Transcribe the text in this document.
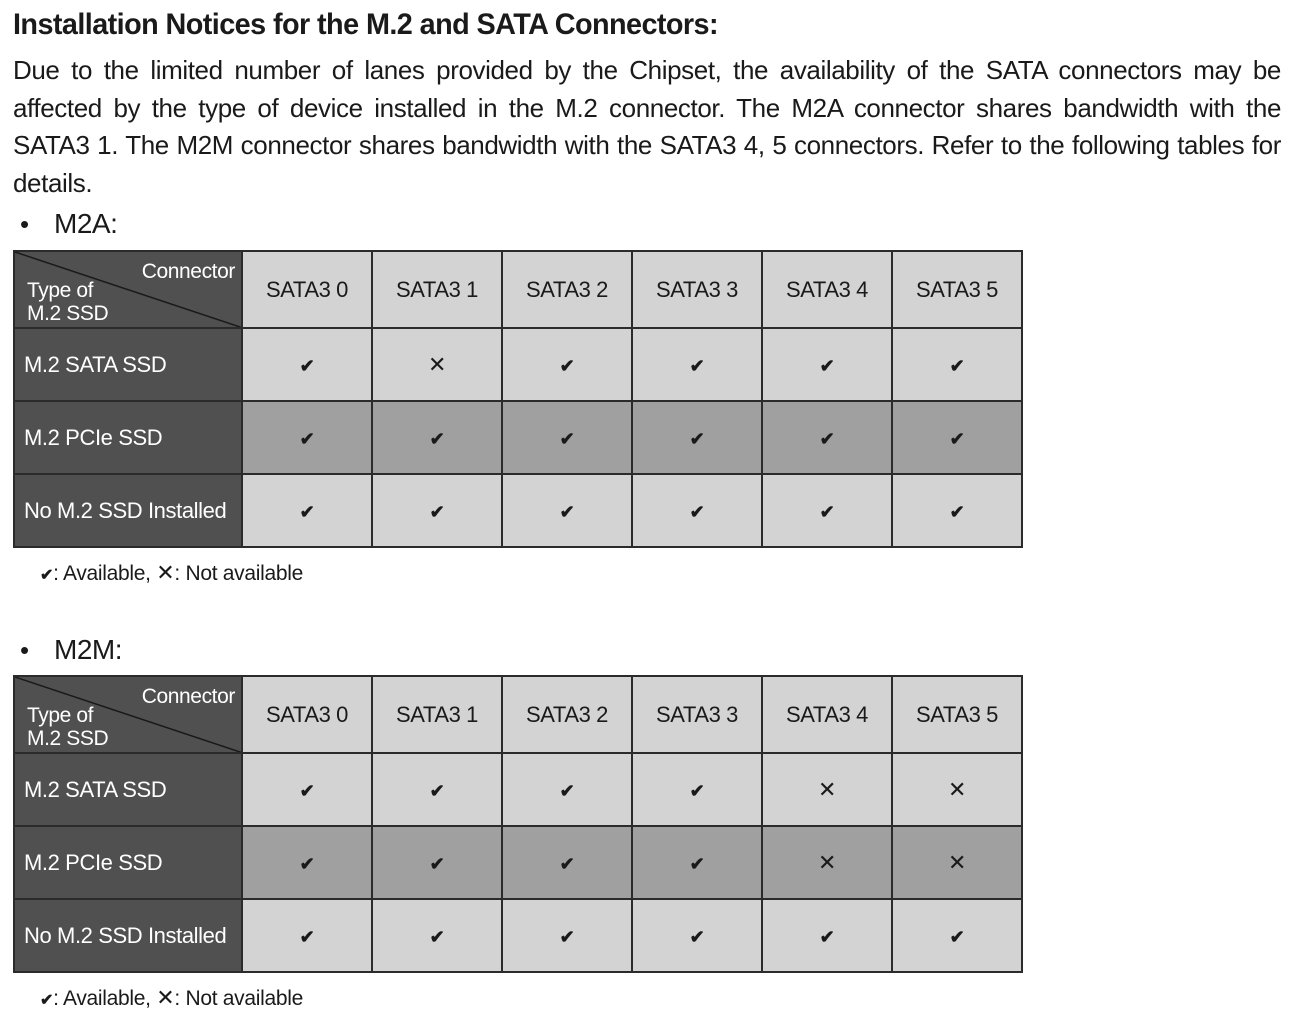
Installation Notices for the M.2 and SATA Connectors:

Due to the limited number of lanes provided by the Chipset, the availability of the SATA connectors may be affected by the type of device installed in the M.2 connector. The M2A connector shares bandwidth with the SATA3 1. The M2M connector shares bandwidth with the SATA3 4, 5 connectors. Refer to the following tables for details.

• M2A:
Connector
Type of
M.2 SSD	SATA3 0	SATA3 1	SATA3 2	SATA3 3	SATA3 4	SATA3 5
M.2 SATA SSD	✔	✕	✔	✔	✔	✔
M.2 PCIe SSD	✔	✔	✔	✔	✔	✔
No M.2 SSD Installed	✔	✔	✔	✔	✔	✔
✔: Available, ✕: Not available
• M2M:
Connector
Type of
M.2 SSD	SATA3 0	SATA3 1	SATA3 2	SATA3 3	SATA3 4	SATA3 5
M.2 SATA SSD	✔	✔	✔	✔	✕	✕
M.2 PCIe SSD	✔	✔	✔	✔	✕	✕
No M.2 SSD Installed	✔	✔	✔	✔	✔	✔
✔: Available, ✕: Not available
